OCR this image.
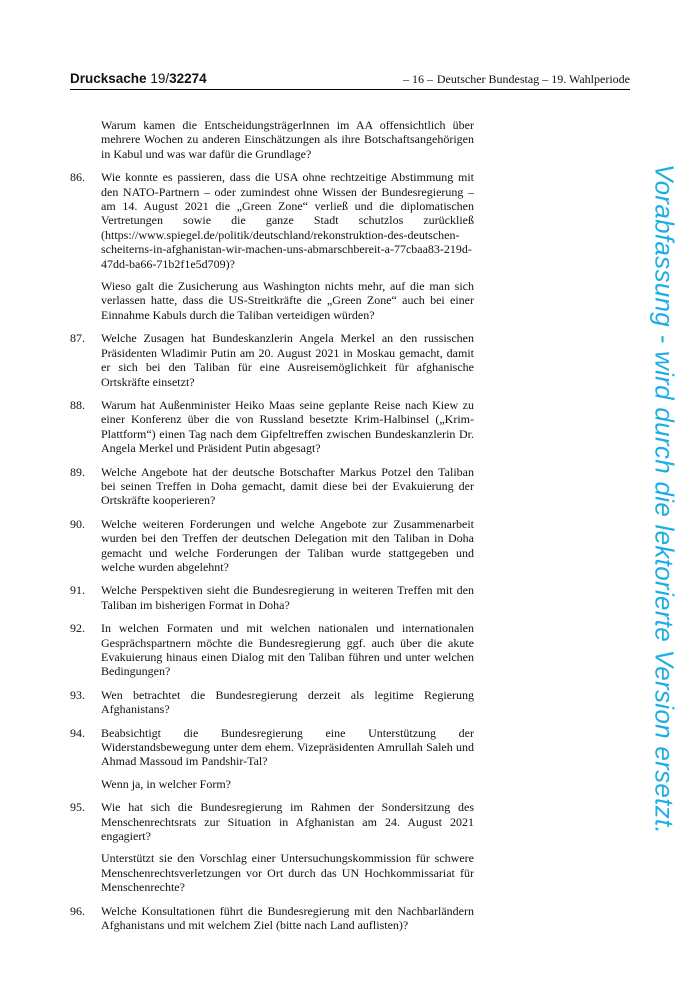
Drucksache 19/32274	– 16 – Deutscher Bundestag – 19. Wahlperiode

Warum kamen die EntscheidungsträgerInnen im AA offensichtlich über mehrere Wochen zu anderen Einschätzungen als ihre Botschaftsangehörigen in Kabul und was war dafür die Grundlage?

86.	Wie konnte es passieren, dass die USA ohne rechtzeitige Abstimmung mit den NATO-Partnern – oder zumindest ohne Wissen der Bundesregierung – am 14. August 2021 die „Green Zone“ verließ und die diplomatischen Vertretungen sowie die ganze Stadt schutzlos zurückließ (https://www.spiegel.de/politik/deutschland/rekonstruktion-des-deutschen-scheiterns-in-afghanistan-wir-machen-uns-abmarschbereit-a-77cbaa83-219d-47dd-ba66-71b2f1e5d709)?

Wieso galt die Zusicherung aus Washington nichts mehr, auf die man sich verlassen hatte, dass die US-Streitkräfte die „Green Zone“ auch bei einer Einnahme Kabuls durch die Taliban verteidigen würden?

87.	Welche Zusagen hat Bundeskanzlerin Angela Merkel an den russischen Präsidenten Wladimir Putin am 20. August 2021 in Moskau gemacht, damit er sich bei den Taliban für eine Ausreisemöglichkeit für afghanische Ortskräfte einsetzt?

88.	Warum hat Außenminister Heiko Maas seine geplante Reise nach Kiew zu einer Konferenz über die von Russland besetzte Krim-Halbinsel („Krim-Plattform“) einen Tag nach dem Gipfeltreffen zwischen Bundeskanzlerin Dr. Angela Merkel und Präsident Putin abgesagt?

89.	Welche Angebote hat der deutsche Botschafter Markus Potzel den Taliban bei seinen Treffen in Doha gemacht, damit diese bei der Evakuierung der Ortskräfte kooperieren?

90.	Welche weiteren Forderungen und welche Angebote zur Zusammenarbeit wurden bei den Treffen der deutschen Delegation mit den Taliban in Doha gemacht und welche Forderungen der Taliban wurde stattgegeben und welche wurden abgelehnt?

91.	Welche Perspektiven sieht die Bundesregierung in weiteren Treffen mit den Taliban im bisherigen Format in Doha?

92.	In welchen Formaten und mit welchen nationalen und internationalen Gesprächspartnern möchte die Bundesregierung ggf. auch über die akute Evakuierung hinaus einen Dialog mit den Taliban führen und unter welchen Bedingungen?

93.	Wen betrachtet die Bundesregierung derzeit als legitime Regierung Afghanistans?

94.	Beabsichtigt die Bundesregierung eine Unterstützung der Widerstandsbewegung unter dem ehem. Vizepräsidenten Amrullah Saleh und Ahmad Massoud im Pandshir-Tal?

Wenn ja, in welcher Form?

95.	Wie hat sich die Bundesregierung im Rahmen der Sondersitzung des Menschenrechtsrats zur Situation in Afghanistan am 24. August 2021 engagiert?

Unterstützt sie den Vorschlag einer Untersuchungskommission für schwere Menschenrechtsverletzungen vor Ort durch das UN Hochkommissariat für Menschenrechte?

96.	Welche Konsultationen führt die Bundesregierung mit den Nachbarländern Afghanistans und mit welchem Ziel (bitte nach Land auflisten)?

Vorabfassung - wird durch die lektorierte Version ersetzt.
